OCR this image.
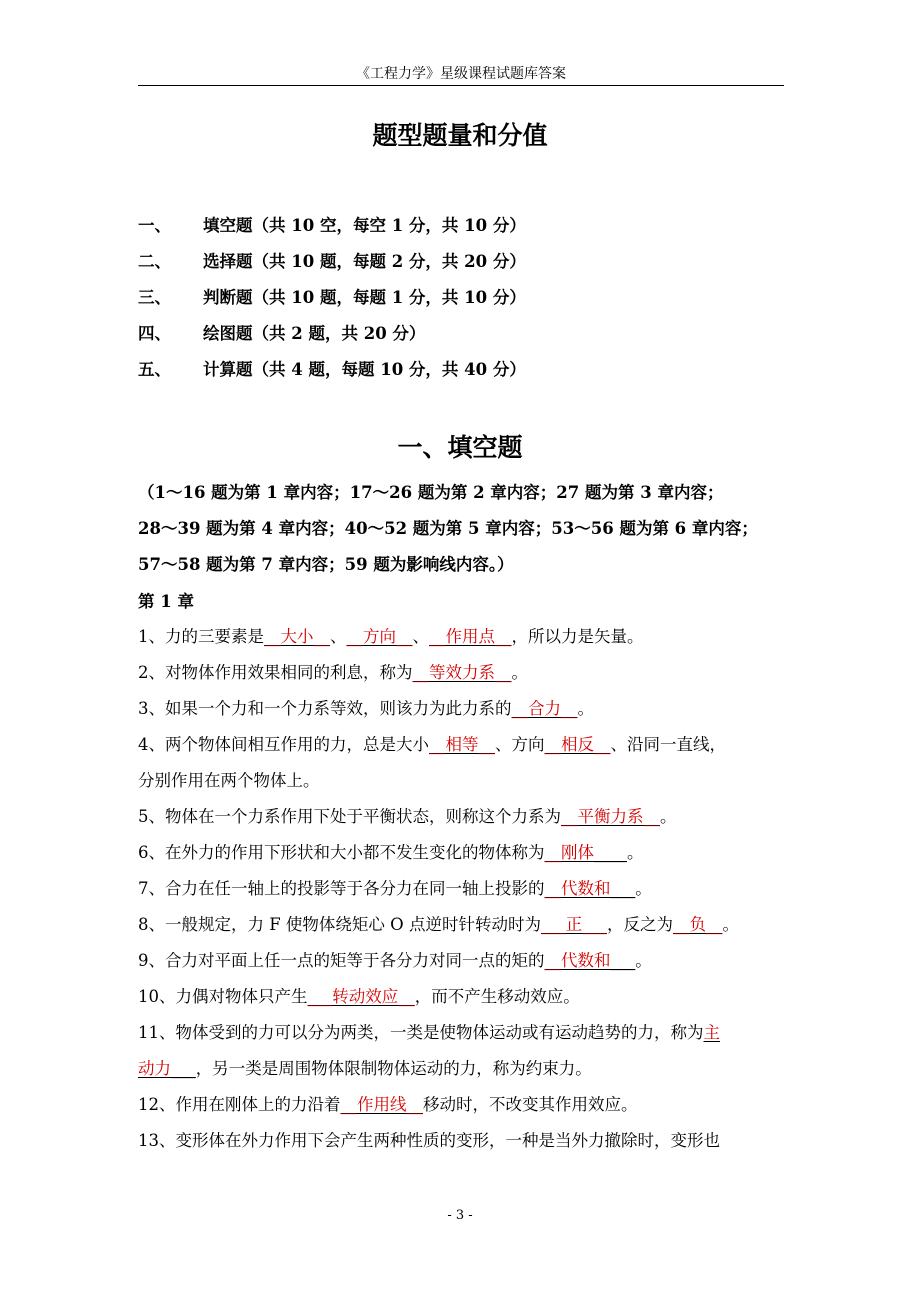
《工程力学》星级课程试题库答案
题型题量和分值
一、 填空题（共 10 空，每空 1 分，共 10 分）
二、 选择题（共 10 题，每题 2 分，共 20 分）
三、 判断题（共 10 题，每题 1 分，共 10 分）
四、 绘图题（共 2 题，共 20 分）
五、 计算题（共 4 题，每题 10 分，共 40 分）
一、填空题
（1～16 题为第 1 章内容；17～26 题为第 2 章内容；27 题为第 3 章内容；
28～39 题为第 4 章内容；40～52 题为第 5 章内容；53～56 题为第 6 章内容；
57～58 题为第 7 章内容；59 题为影响线内容。）
第 1 章
1、力的三要素是__大小__、__方向__、__作用点__，所以力是矢量。
2、对物体作用效果相同的利息，称为__等效力系__。
3、如果一个力和一个力系等效，则该力为此力系的__合力__。
4、两个物体间相互作用的力，总是大小__相等__、方向__相反__、沿同一直线，
分别作用在两个物体上。
5、物体在一个力系作用下处于平衡状态，则称这个力系为__平衡力系__。
6、在外力的作用下形状和大小都不发生变化的物体称为__刚体____。
7、合力在任一轴上的投影等于各分力在同一轴上投影的__代数和___。
8、一般规定，力 F 使物体绕矩心 O 点逆时针转动时为___正___，反之为__负__。
9、合力对平面上任一点的矩等于各分力对同一点的矩的__代数和___。
10、力偶对物体只产生___转动效应__，而不产生移动效应。
11、物体受到的力可以分为两类，一类是使物体运动或有运动趋势的力，称为主
动力___，另一类是周围物体限制物体运动的力，称为约束力。
12、作用在刚体上的力沿着__作用线__移动时，不改变其作用效应。
13、变形体在外力作用下会产生两种性质的变形，一种是当外力撤除时，变形也
- 3 -
